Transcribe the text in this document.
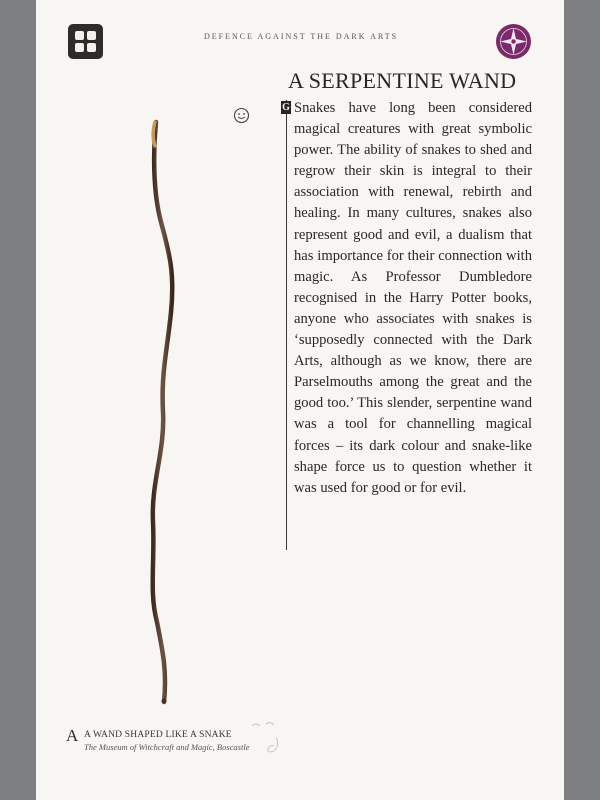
DEFENCE AGAINST THE DARK ARTS
A SERPENTINE WAND
G Snakes have long been considered magical creatures with great symbolic power. The ability of snakes to shed and regrow their skin is integral to their association with renewal, rebirth and healing. In many cultures, snakes also represent good and evil, a dualism that has importance for their connection with magic. As Professor Dumbledore recognised in the Harry Potter books, anyone who associates with snakes is ‘supposedly connected with the Dark Arts, although as we know, there are Parselmouths among the great and the good too.’ This slender, serpentine wand was a tool for channelling magical forces – its dark colour and snake-like shape force us to question whether it was used for good or for evil.

A A WAND SHAPED LIKE A SNAKE
The Museum of Witchcraft and Magic, Boscastle
